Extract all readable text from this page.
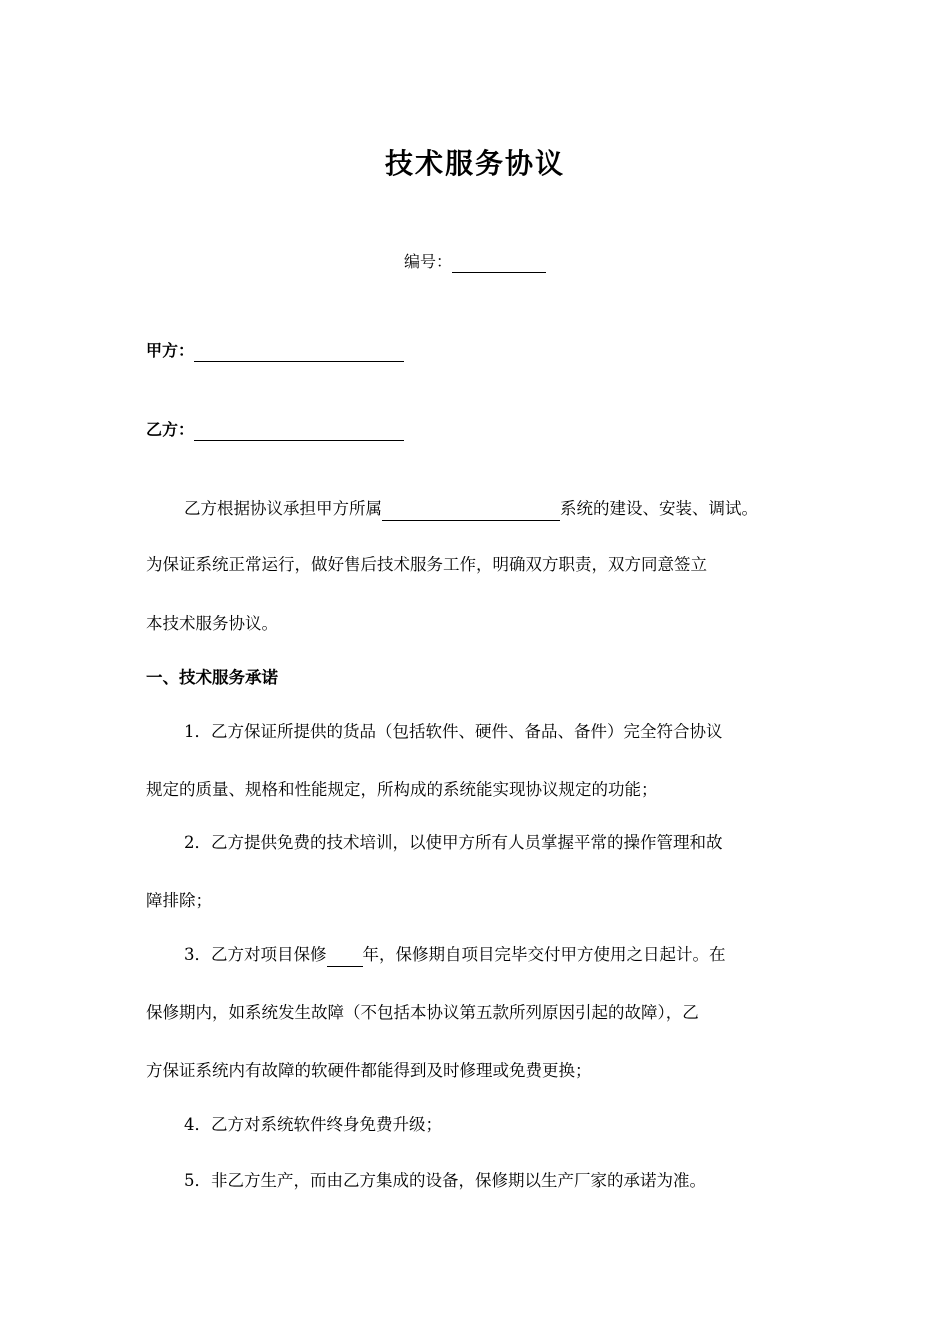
技术服务协议
编号：
甲方：
乙方：
乙方根据协议承担甲方所属	系统的建设、安装、调试。
为保证系统正常运行，做好售后技术服务工作，明确双方职责，双方同意签立
本技术服务协议。
一、技术服务承诺
1．乙方保证所提供的货品（包括软件、硬件、备品、备件）完全符合协议
规定的质量、规格和性能规定，所构成的系统能实现协议规定的功能；
2．乙方提供免费的技术培训，以使甲方所有人员掌握平常的操作管理和故
障排除；
3．乙方对项目保修 年，保修期自项目完毕交付甲方使用之日起计。在
保修期内，如系统发生故障（不包括本协议第五款所列原因引起的故障），乙
方保证系统内有故障的软硬件都能得到及时修理或免费更换；
4．乙方对系统软件终身免费升级；
5．非乙方生产，而由乙方集成的设备，保修期以生产厂家的承诺为准。
